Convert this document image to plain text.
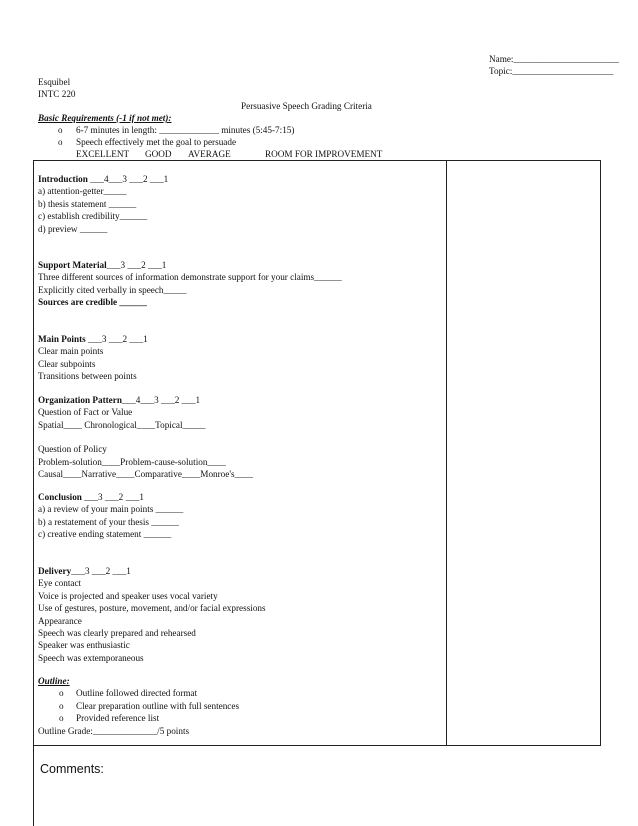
Name:_______________________
Topic:______________________
Esquibel
INTC 220
Persuasive Speech Grading Criteria
Basic Requirements (-1 if not met):
o 6-7 minutes in length: _____________ minutes (5:45-7:15)
o Speech effectively met the goal to persuade
EXCELLENT GOOD AVERAGE	ROOM FOR IMPROVEMENT
Introduction ___4___3 ___2 ___1
a) attention-getter_____
b) thesis statement ______
c) establish credibility______
d) preview ______
Support Material___3 ___2 ___1
Three different sources of information demonstrate support for your claims______
Explicitly cited verbally in speech_____
Sources are credible ______
Main Points ___3 ___2 ___1
Clear main points
Clear subpoints
Transitions between points
Organization Pattern___4___3 ___2 ___1
Question of Fact or Value
Spatial____ Chronological____Topical_____
Question of Policy
Problem-solution____Problem-cause-solution____
Causal____Narrative____Comparative____Monroe's____
Conclusion ___3 ___2 ___1
a) a review of your main points ______
b) a restatement of your thesis ______
c) creative ending statement ______
Delivery___3 ___2 ___1
Eye contact
Voice is projected and speaker uses vocal variety
Use of gestures, posture, movement, and/or facial expressions
Appearance
Speech was clearly prepared and rehearsed
Speaker was enthusiastic
Speech was extemporaneous
Outline:
o Outline followed directed format
o Clear preparation outline with full sentences
o Provided reference list
Outline Grade:______________/5 points
Comments:
